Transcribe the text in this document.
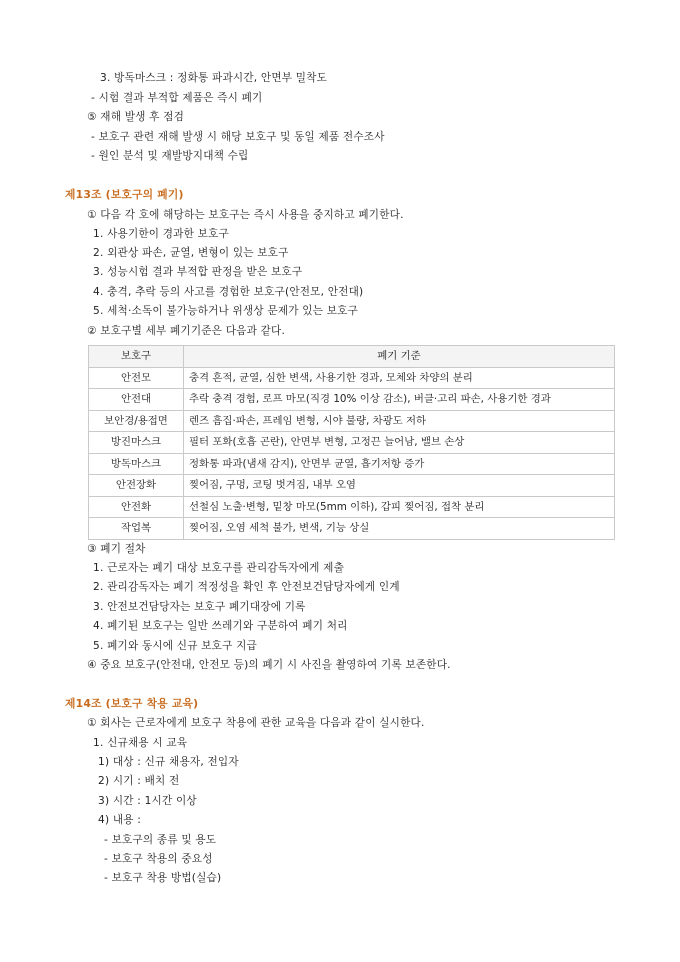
3. 방독마스크 : 정화통 파과시간, 안면부 밀착도
- 시험 결과 부적합 제품은 즉시 폐기
⑤ 재해 발생 후 점검
- 보호구 관련 재해 발생 시 해당 보호구 및 동일 제품 전수조사
- 원인 분석 및 재발방지대책 수립
제13조 (보호구의 폐기)
① 다음 각 호에 해당하는 보호구는 즉시 사용을 중지하고 폐기한다.
1. 사용기한이 경과한 보호구
2. 외관상 파손, 균열, 변형이 있는 보호구
3. 성능시험 결과 부적합 판정을 받은 보호구
4. 충격, 추락 등의 사고를 경험한 보호구(안전모, 안전대)
5. 세척·소독이 불가능하거나 위생상 문제가 있는 보호구
② 보호구별 세부 폐기기준은 다음과 같다.
보호구	폐기 기준
안전모	충격 흔적, 균열, 심한 변색, 사용기한 경과, 모체와 차양의 분리
안전대	추락 충격 경험, 로프 마모(직경 10% 이상 감소), 버클·고리 파손, 사용기한 경과
보안경/용접면	렌즈 흠집·파손, 프레임 변형, 시야 불량, 차광도 저하
방진마스크	필터 포화(호흡 곤란), 안면부 변형, 고정끈 늘어남, 밸브 손상
방독마스크	정화통 파과(냄새 감지), 안면부 균열, 흡기저항 증가
안전장화	찢어짐, 구멍, 코팅 벗겨짐, 내부 오염
안전화	선철심 노출·변형, 밑창 마모(5mm 이하), 갑피 찢어짐, 접착 분리
작업복	찢어짐, 오염 세척 불가, 변색, 기능 상실
③ 폐기 절차
1. 근로자는 폐기 대상 보호구를 관리감독자에게 제출
2. 관리감독자는 폐기 적정성을 확인 후 안전보건담당자에게 인계
3. 안전보건담당자는 보호구 폐기대장에 기록
4. 폐기된 보호구는 일반 쓰레기와 구분하여 폐기 처리
5. 폐기와 동시에 신규 보호구 지급
④ 중요 보호구(안전대, 안전모 등)의 폐기 시 사진을 촬영하여 기록 보존한다.
제14조 (보호구 착용 교육)
① 회사는 근로자에게 보호구 착용에 관한 교육을 다음과 같이 실시한다.
1. 신규채용 시 교육
1) 대상 : 신규 채용자, 전입자
2) 시기 : 배치 전
3) 시간 : 1시간 이상
4) 내용 :
- 보호구의 종류 및 용도
- 보호구 착용의 중요성
- 보호구 착용 방법(실습)
